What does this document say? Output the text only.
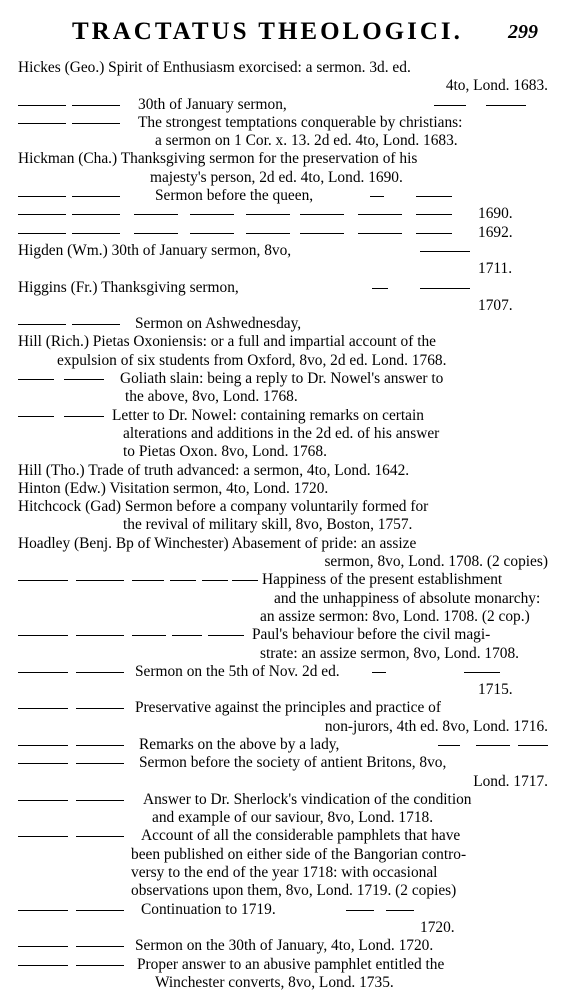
TRACTATUS THEOLOGICI. 299
Hickes (Geo.) Spirit of Enthusiasm exorcised: a sermon. 3d. ed.
4to, Lond. 1683.
30th of January sermon,
The strongest temptations conquerable by christians:
a sermon on 1 Cor. x. 13. 2d ed. 4to, Lond. 1683.
Hickman (Cha.) Thanksgiving sermon for the preservation of his
majesty's person, 2d ed. 4to, Lond. 1690.
Sermon before the queen,
1690.
1692.
Higden (Wm.) 30th of January sermon, 8vo,
1711.
Higgins (Fr.) Thanksgiving sermon,
1707.
Sermon on Ashwednesday,
Hill (Rich.) Pietas Oxoniensis: or a full and impartial account of the
expulsion of six students from Oxford, 8vo, 2d ed. Lond. 1768.
Goliath slain: being a reply to Dr. Nowel's answer to
the above, 8vo, Lond. 1768.
Letter to Dr. Nowel: containing remarks on certain
alterations and additions in the 2d ed. of his answer
to Pietas Oxon. 8vo, Lond. 1768.
Hill (Tho.) Trade of truth advanced: a sermon, 4to, Lond. 1642.
Hinton (Edw.) Visitation sermon, 4to, Lond. 1720.
Hitchcock (Gad) Sermon before a company voluntarily formed for
the revival of military skill, 8vo, Boston, 1757.
Hoadley (Benj. Bp of Winchester) Abasement of pride: an assize
sermon, 8vo, Lond. 1708. (2 copies)
Happiness of the present establishment
and the unhappiness of absolute monarchy:
an assize sermon: 8vo, Lond. 1708. (2 cop.)
Paul's behaviour before the civil magi-
strate: an assize sermon, 8vo, Lond. 1708.
Sermon on the 5th of Nov. 2d ed.
1715.
Preservative against the principles and practice of
non-jurors, 4th ed. 8vo, Lond. 1716.
Remarks on the above by a lady,
Sermon before the society of antient Britons, 8vo,
Lond. 1717.
Answer to Dr. Sherlock's vindication of the condition
and example of our saviour, 8vo, Lond. 1718.
Account of all the considerable pamphlets that have
been published on either side of the Bangorian contro-
versy to the end of the year 1718: with occasional
observations upon them, 8vo, Lond. 1719. (2 copies)
Continuation to 1719.
1720.
Sermon on the 30th of January, 4to, Lond. 1720.
Proper answer to an abusive pamphlet entitled the
Winchester converts, 8vo, Lond. 1735.
